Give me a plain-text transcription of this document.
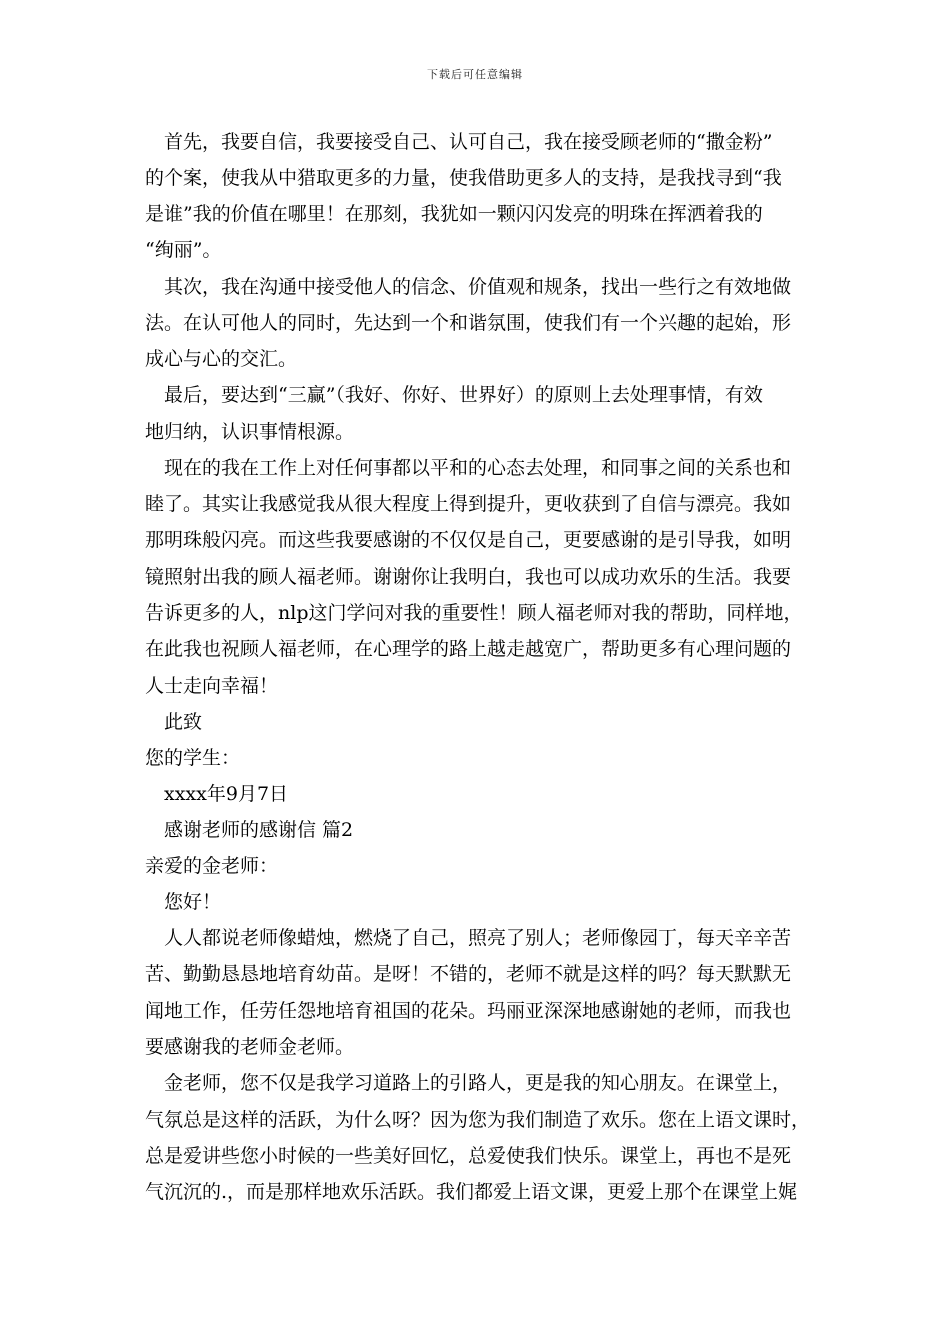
下载后可任意编辑
　首先，我要自信，我要接受自己、认可自己，我在接受顾老师的“撒金粉”
的个案，使我从中猎取更多的力量，使我借助更多人的支持，是我找寻到“我
是谁”我的价值在哪里！在那刻，我犹如一颗闪闪发亮的明珠在挥洒着我的
“绚丽”。
　其次，我在沟通中接受他人的信念、价值观和规条，找出一些行之有效地做
法。在认可他人的同时，先达到一个和谐氛围，使我们有一个兴趣的起始，形
成心与心的交汇。
　最后，要达到“三赢”（我好、你好、世界好）的原则上去处理事情，有效
地归纳，认识事情根源。
　现在的我在工作上对任何事都以平和的心态去处理，和同事之间的关系也和
睦了。其实让我感觉我从很大程度上得到提升，更收获到了自信与漂亮。我如
那明珠般闪亮。而这些我要感谢的不仅仅是自己，更要感谢的是引导我，如明
镜照射出我的顾人福老师。谢谢你让我明白，我也可以成功欢乐的生活。我要
告诉更多的人，nlp这门学问对我的重要性！顾人福老师对我的帮助，同样地，
在此我也祝顾人福老师，在心理学的路上越走越宽广，帮助更多有心理问题的
人士走向幸福！
　此致
您的学生：
　xxxx年9月7日
　感谢老师的感谢信 篇2
亲爱的金老师：
　您好！
　人人都说老师像蜡烛，燃烧了自己，照亮了别人；老师像园丁，每天辛辛苦
苦、勤勤恳恳地培育幼苗。是呀！不错的，老师不就是这样的吗？每天默默无
闻地工作，任劳任怨地培育祖国的花朵。玛丽亚深深地感谢她的老师，而我也
要感谢我的老师金老师。
　金老师，您不仅是我学习道路上的引路人，更是我的知心朋友。在课堂上，
气氛总是这样的活跃，为什么呀？因为您为我们制造了欢乐。您在上语文课时，
总是爱讲些您小时候的一些美好回忆，总爱使我们快乐。课堂上，再也不是死
气沉沉的.，而是那样地欢乐活跃。我们都爱上语文课，更爱上那个在课堂上娓
